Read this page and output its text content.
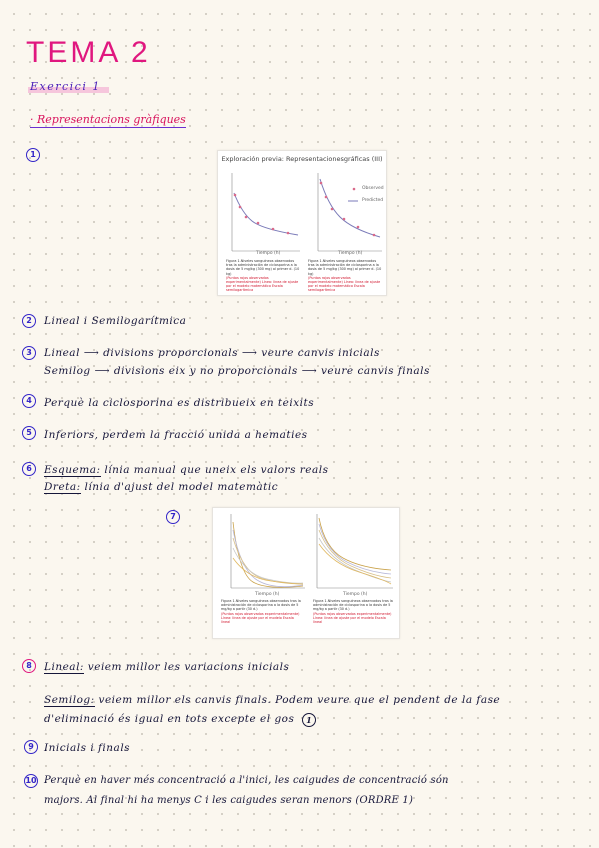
TEMA 2
Exercici 1
· Representacions gràfiques
1	Exploración previa: Representacionesgráficas (III)
Observed
Predicted
Tiempo (h)	Tiempo (h)
Figura 1.Niveles sanguíneos observados tras la administración de ciclosporina a la dosis de 5 mg/kg (300 mg) al primer d. (10 kg)
(Puntos rojos observados experimentalmente) Línea: línea de ajuste por el modelo matemático Escala semilogarítmica
Figura 1.Niveles sanguíneos observados tras la administración de ciclosporina a la dosis de 5 mg/kg (300 mg) al primer d. (10 kg)
(Puntos rojos observados experimentalmente) Línea: línea de ajuste por el modelo matemático Escala semilogarítmica
2	Lineal i Semilogarítmica
3	Lineal ⟶ divisions proporcionals ⟶ veure canvis inicials
Semilog ⟶ divisions eix y no proporcionals ⟶ veure canvis finals
4	Perquè la ciclosporina es distribueix en teixits
5	Inferiors, perdem la fracció unida a hematies
6	Esquema: línia manual que uneix els valors reals
Dreta: línia d'ajust del model matemàtic
7
Tiempo (h)	Tiempo (h)
Figura 1.Niveles sanguíneos observados tras la administración de ciclosporina a la dosis de 5 mg/kg a partir (30 d.)
(Puntos rojos observados experimentalmente) Línea: línea de ajuste por el modelo Escala lineal
Figura 1.Niveles sanguíneos observados tras la administración de ciclosporina a la dosis de 5 mg/kg a partir (30 d.)
(Puntos rojos observados experimentalmente) Línea: línea de ajuste por el modelo Escala lineal
8	Lineal: veiem millor les variacions inicials
Semilog: veiem millor els canvis finals. Podem veure que el pendent de la fase
d'eliminació és igual en tots excepte el gos 1
9 Inicials i finals
10 Perquè en haver més concentració a l'inici, les caigudes de concentració són
majors. Al final hi ha menys C i les caigudes seran menors (ORDRE 1)
